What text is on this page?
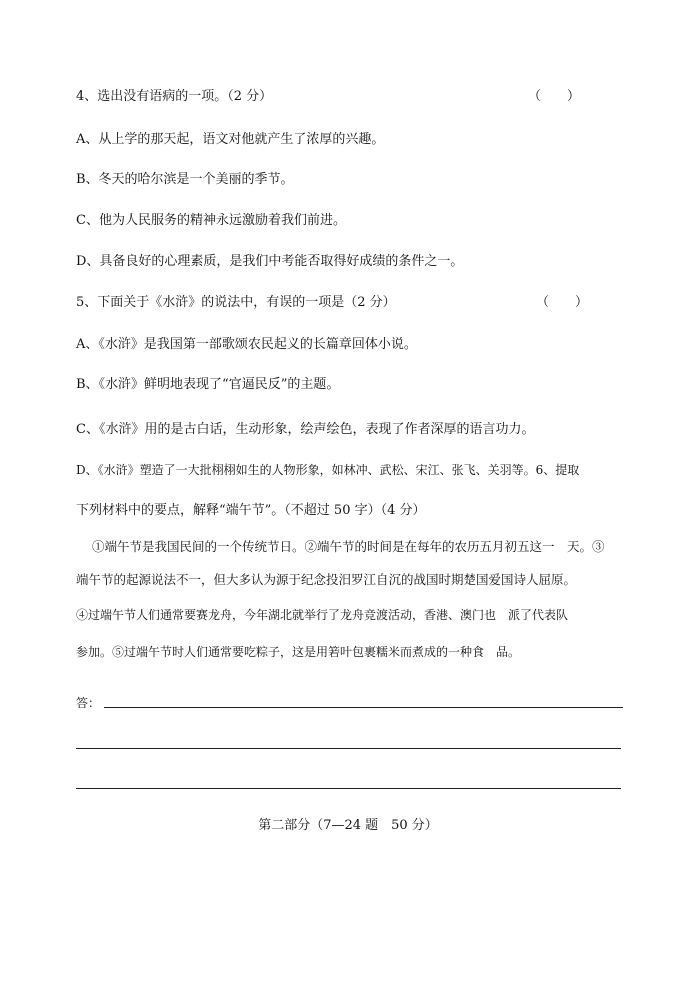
4、选出没有语病的一项。（2 分）	（　　）
A、从上学的那天起，语文对他就产生了浓厚的兴趣。
B、冬天的哈尔滨是一个美丽的季节。
C、他为人民服务的精神永远激励着我们前进。
D、具备良好的心理素质，是我们中考能否取得好成绩的条件之一。
5、下面关于《水浒》的说法中，有误的一项是（2 分）	（　　）
A、《水浒》是我国第一部歌颂农民起义的长篇章回体小说。
B、《水浒》鲜明地表现了“官逼民反”的主题。
C、《水浒》用的是古白话，生动形象，绘声绘色，表现了作者深厚的语言功力。
D、《水浒》塑造了一大批栩栩如生的人物形象，如林冲、武松、宋江、张飞、关羽等。6、提取
下列材料中的要点，解释“端午节”。（不超过 50 字）（4 分）
①端午节是我国民间的一个传统节日。②端午节的时间是在每年的农历五月初五这一　天。③
端午节的起源说法不一，但大多认为源于纪念投汨罗江自沉的战国时期楚国爱国诗人屈原。
④过端午节人们通常要赛龙舟，今年湖北就举行了龙舟竞渡活动，香港、澳门也　派了代表队
参加。⑤过端午节时人们通常要吃粽子，这是用箬叶包裹糯米而煮成的一种食　品。
答：
第二部分（7—24 题　50 分）
